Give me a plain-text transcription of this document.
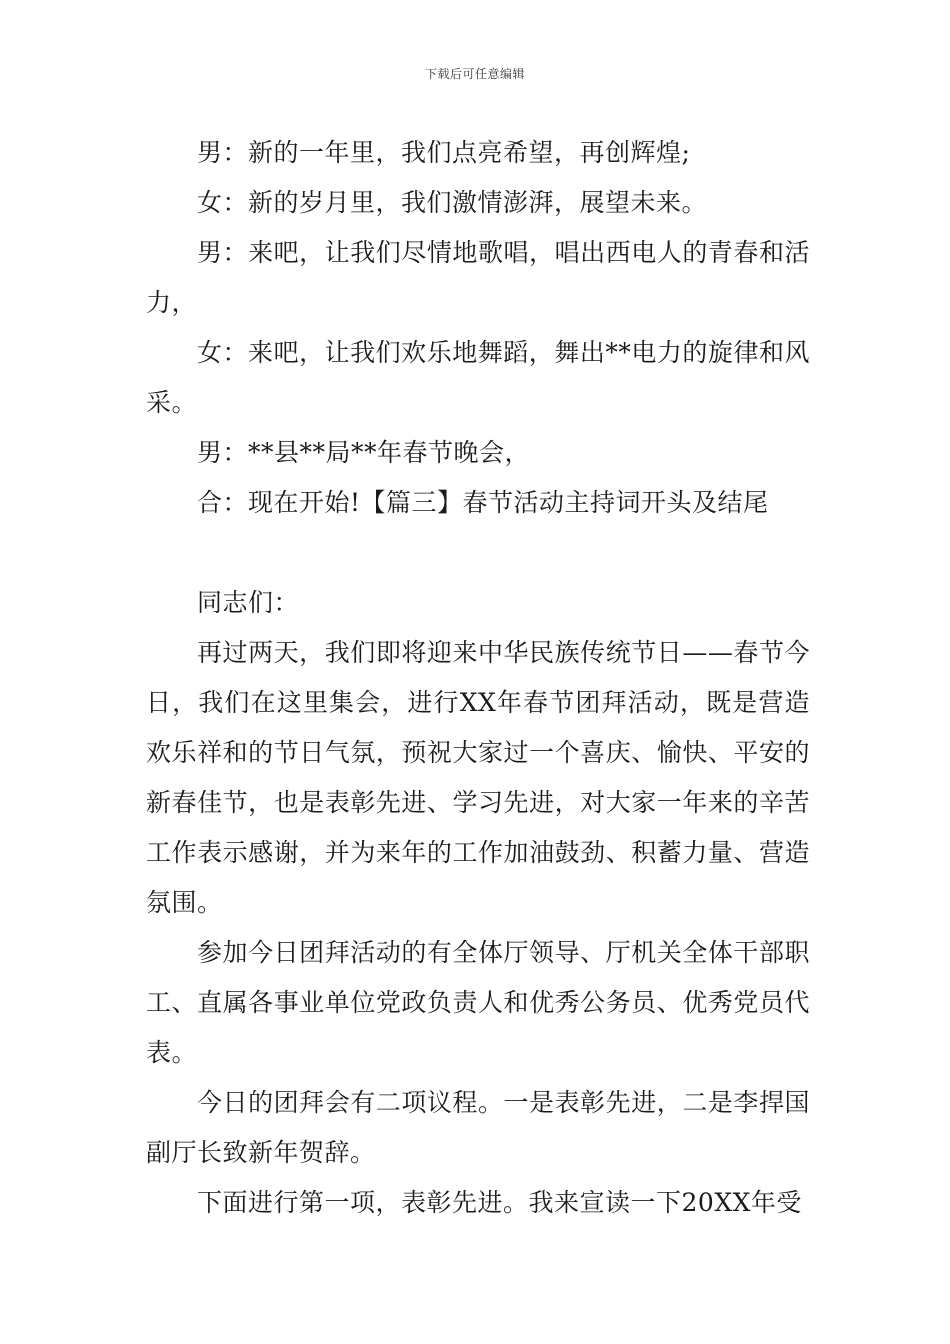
下载后可任意编辑

男：新的一年里，我们点亮希望，再创辉煌;

女：新的岁月里，我们激情澎湃，展望未来。

男：来吧，让我们尽情地歌唱，唱出西电人的青春和活力，

女：来吧，让我们欢乐地舞蹈，舞出**电力的旋律和风采。

男：**县**局**年春节晚会，

合：现在开始!【篇三】春节活动主持词开头及结尾

同志们：

再过两天，我们即将迎来中华民族传统节日——春节今日，我们在这里集会，进行XX年春节团拜活动，既是营造欢乐祥和的节日气氛，预祝大家过一个喜庆、愉快、平安的新春佳节，也是表彰先进、学习先进，对大家一年来的辛苦工作表示感谢，并为来年的工作加油鼓劲、积蓄力量、营造氛围。

参加今日团拜活动的有全体厅领导、厅机关全体干部职工、直属各事业单位党政负责人和优秀公务员、优秀党员代表。

今日的团拜会有二项议程。一是表彰先进，二是李捍国副厅长致新年贺辞。

下面进行第一项，表彰先进。我来宣读一下20XX年受
